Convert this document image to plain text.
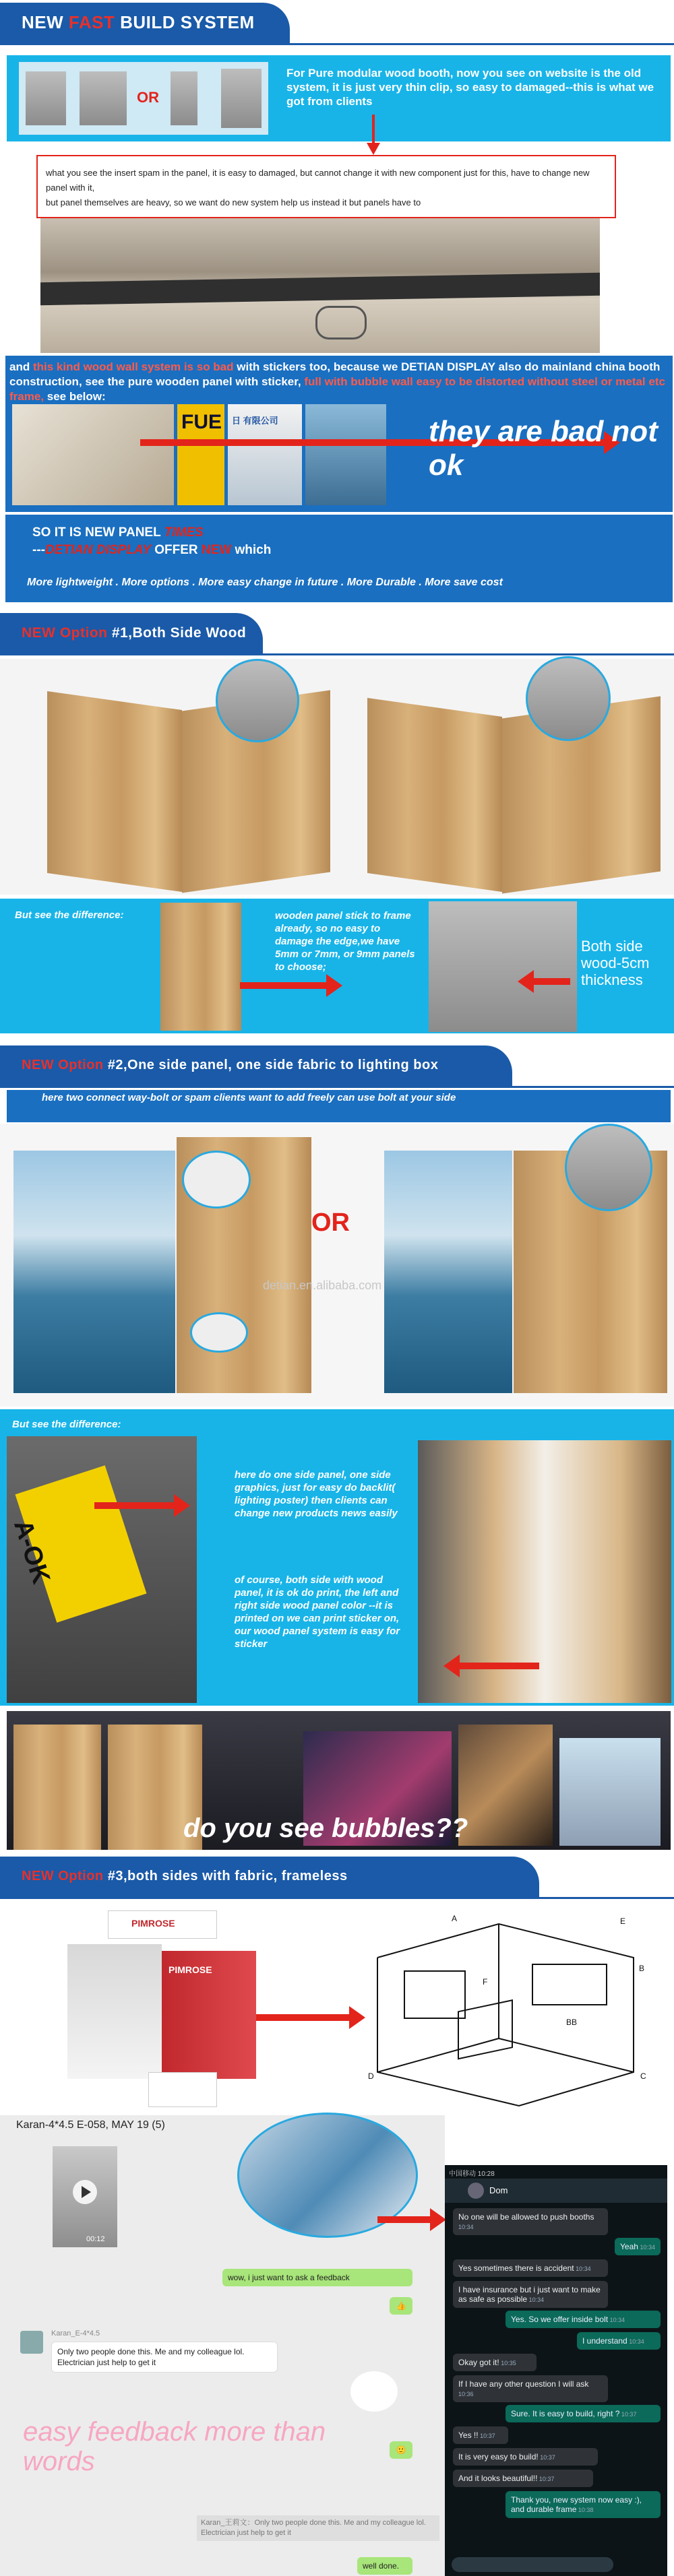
NEW FAST BUILD SYSTEM
OR
For Pure modular wood booth, now you see on website is the old system, it is just very thin clip, so easy to damaged--this is what we got from clients
what you see the insert spam in the panel, it is easy to damaged, but cannot change it with new component just for this, have to change new panel with it,
but panel themselves are heavy, so we want do new system help us instead it but panels have to
and this kind wood wall system is so bad with stickers too, because we DETIAN DISPLAY also do mainland china booth construction, see the pure wooden panel with sticker, full with bubble wall easy to be distorted without steel or metal etc frame, see below:
FUE 日 有限公司	they are bad not ok
SO IT IS NEW PANEL TIMES
---DETIAN DISPLAY OFFER NEW which
More lightweight . More options . More easy change in future . More Durable . More save cost
NEW Option #1,Both Side Wood
But see the difference:	wooden panel stick to frame already, so no easy to damage the edge,we have 5mm or 7mm, or 9mm panels to choose;
Both side wood-5cm thickness
NEW Option #2,One side panel, one side fabric to lighting box
here two connect way-bolt or spam clients want to add freely can use bolt at your side
OR
detian.en.alibaba.com
But see the difference:
A-OK
here do one side panel, one side graphics, just for easy do backlit( lighting poster) then clients can change new products news easily
of course, both side with wood panel, it is ok do print, the left and right side wood panel color --it is printed on we can print sticker on, our wood panel system is easy for sticker
do you see bubbles??
NEW Option #3,both sides with fabric, frameless
PIMROSE
PIMROSE
A
B
C
D
E
F
BB
Karan-4*4.5 E-058, MAY 19 (5)
00:12
wow, i just want to ask a feedback
👍
Karan_E-4*4.5
Only two people done this. Me and my colleague lol. Electrician just help to get it
easy feedback more than words	🙂
Karan_王莉文：Only two people done this. Me and my colleague lol. Electrician just help to get it
well done.
中国移动 10:28
Dom
No one will be allowed to push booths 10:34
Yeah 10:34
Yes sometimes there is accident 10:34
I have insurance but i just want to make as safe as possible 10:34
Yes. So we offer inside bolt 10:34
I understand 10:34
Okay got it! 10:35
If I have any other question I will ask 10:36
Sure. It is easy to build, right ? 10:37
Yes !! 10:37
It is very easy to build! 10:37
And it looks beautiful!! 10:37
Thank you, new system now easy :), and durable frame 10:38
